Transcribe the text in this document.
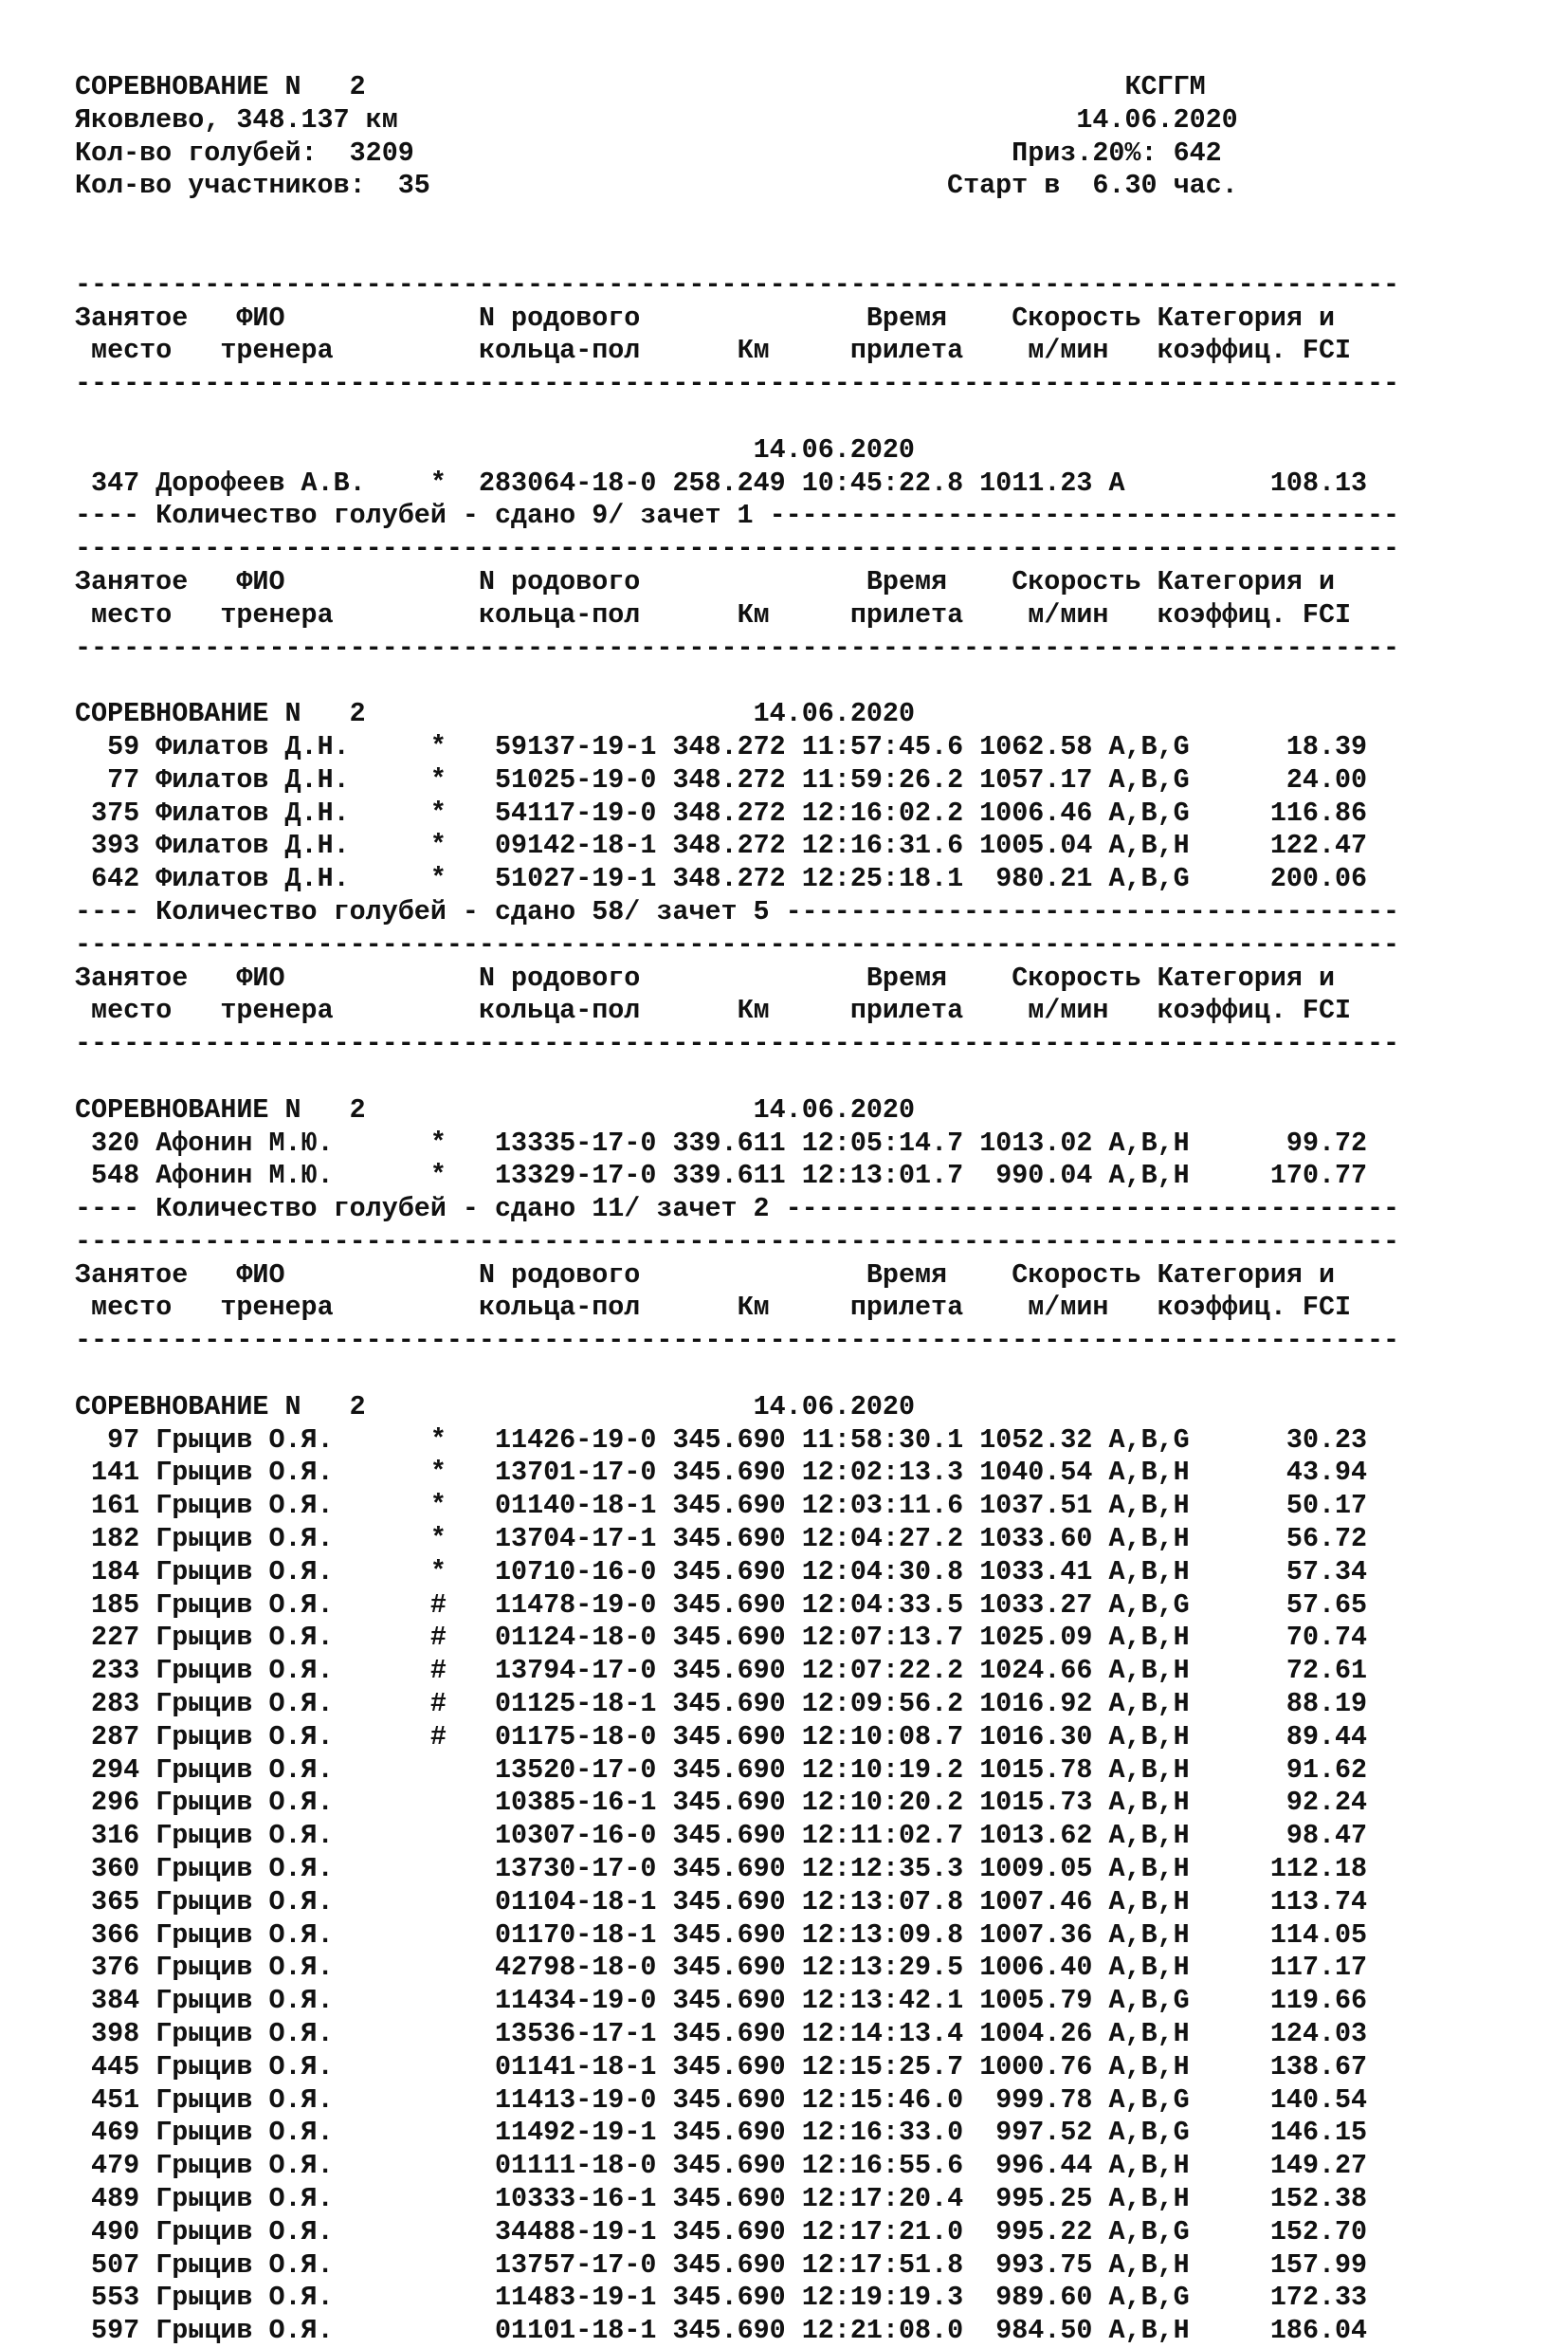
СОРЕВНОВАНИЕ N 2	КСГГМ
Яковлево, 348.137 км	14.06.2020
Кол-во голубей: 3209	Приз.20%: 642
Кол-во участников: 35	Старт в 6.30 час.

----------------------------------------------------------------------------------
Занятое ФИО	N родового	Время Скорость Категория и
место тренера	кольца-пол	Км	прилета м/мин коэффиц. FCI
----------------------------------------------------------------------------------

14.06.2020
347 Дорофеев А.В. * 283064-18-0 258.249 10:45:22.8 1011.23 A	108.13
---- Количество голубей - сдано 9/ зачет 1 ---------------------------------------
----------------------------------------------------------------------------------
Занятое ФИО	N родового	Время Скорость Категория и
место тренера	кольца-пол	Км	прилета м/мин коэффиц. FCI
----------------------------------------------------------------------------------

СОРЕВНОВАНИЕ N 2	14.06.2020
59 Филатов Д.Н.	*   59137-19-1 348.272 11:57:45.6 1062.58 A,B,G	18.39
77 Филатов Д.Н.	*   51025-19-0 348.272 11:59:26.2 1057.17 A,B,G	24.00
375 Филатов Д.Н.	*   54117-19-0 348.272 12:16:02.2 1006.46 A,B,G	116.86
393 Филатов Д.Н.	*   09142-18-1 348.272 12:16:31.6 1005.04 A,B,H	122.47
642 Филатов Д.Н.	*   51027-19-1 348.272 12:25:18.1  980.21 A,B,G	200.06
---- Количество голубей - сдано 58/ зачет 5 --------------------------------------
----------------------------------------------------------------------------------
Занятое ФИО	N родового	Время Скорость Категория и
место тренера	кольца-пол	Км	прилета м/мин коэффиц. FCI
----------------------------------------------------------------------------------

СОРЕВНОВАНИЕ N 2	14.06.2020
320 Афонин М.Ю.	*   13335-17-0 339.611 12:05:14.7 1013.02 A,B,H	99.72
548 Афонин М.Ю.	*   13329-17-0 339.611 12:13:01.7  990.04 A,B,H	170.77
---- Количество голубей - сдано 11/ зачет 2 --------------------------------------
----------------------------------------------------------------------------------
Занятое ФИО	N родового	Время Скорость Категория и
место тренера	кольца-пол	Км	прилета м/мин коэффиц. FCI
----------------------------------------------------------------------------------

СОРЕВНОВАНИЕ N 2	14.06.2020
97 Грыцив О.Я.	*   11426-19-0 345.690 11:58:30.1 1052.32 A,B,G	30.23
141 Грыцив О.Я.	*   13701-17-0 345.690 12:02:13.3 1040.54 A,B,H	43.94
161 Грыцив О.Я.	*   01140-18-1 345.690 12:03:11.6 1037.51 A,B,H	50.17
182 Грыцив О.Я.	*   13704-17-1 345.690 12:04:27.2 1033.60 A,B,H	56.72
184 Грыцив О.Я.	*   10710-16-0 345.690 12:04:30.8 1033.41 A,B,H	57.34
185 Грыцив О.Я.	#   11478-19-0 345.690 12:04:33.5 1033.27 A,B,G	57.65
227 Грыцив О.Я.	#   01124-18-0 345.690 12:07:13.7 1025.09 A,B,H	70.74
233 Грыцив О.Я.	#   13794-17-0 345.690 12:07:22.2 1024.66 A,B,H	72.61
283 Грыцив О.Я.	#   01125-18-1 345.690 12:09:56.2 1016.92 A,B,H	88.19
287 Грыцив О.Я.	#   01175-18-0 345.690 12:10:08.7 1016.30 A,B,H	89.44
294 Грыцив О.Я.	13520-17-0 345.690 12:10:19.2 1015.78 A,B,H	91.62
296 Грыцив О.Я.	10385-16-1 345.690 12:10:20.2 1015.73 A,B,H	92.24
316 Грыцив О.Я.	10307-16-0 345.690 12:11:02.7 1013.62 A,B,H	98.47
360 Грыцив О.Я.	13730-17-0 345.690 12:12:35.3 1009.05 A,B,H	112.18
365 Грыцив О.Я.	01104-18-1 345.690 12:13:07.8 1007.46 A,B,H	113.74
366 Грыцив О.Я.	01170-18-1 345.690 12:13:09.8 1007.36 A,B,H	114.05
376 Грыцив О.Я.	42798-18-0 345.690 12:13:29.5 1006.40 A,B,H	117.17
384 Грыцив О.Я.	11434-19-0 345.690 12:13:42.1 1005.79 A,B,G	119.66
398 Грыцив О.Я.	13536-17-1 345.690 12:14:13.4 1004.26 A,B,H	124.03
445 Грыцив О.Я.	01141-18-1 345.690 12:15:25.7 1000.76 A,B,H	138.67
451 Грыцив О.Я.	11413-19-0 345.690 12:15:46.0  999.78 A,B,G	140.54
469 Грыцив О.Я.	11492-19-1 345.690 12:16:33.0  997.52 A,B,G	146.15
479 Грыцив О.Я.	01111-18-0 345.690 12:16:55.6  996.44 A,B,H	149.27
489 Грыцив О.Я.	10333-16-1 345.690 12:17:20.4  995.25 A,B,H	152.38
490 Грыцив О.Я.	34488-19-1 345.690 12:17:21.0  995.22 A,B,G	152.70
507 Грыцив О.Я.	13757-17-0 345.690 12:17:51.8  993.75 A,B,H	157.99
553 Грыцив О.Я.	11483-19-1 345.690 12:19:19.3  989.60 A,B,G	172.33
597 Грыцив О.Я.	01101-18-1 345.690 12:21:08.0  984.50 A,B,H	186.04
